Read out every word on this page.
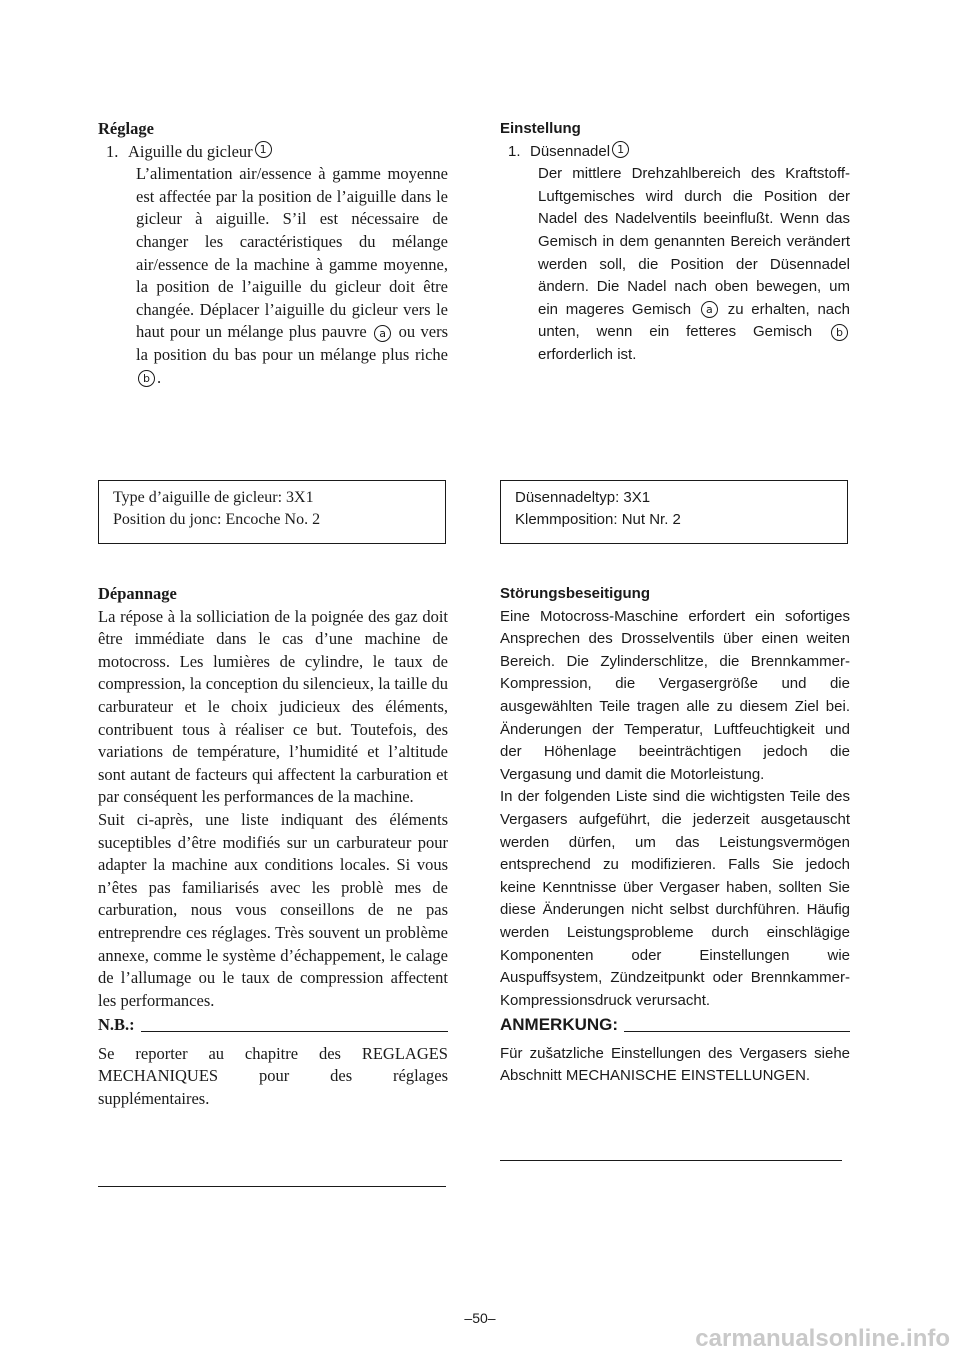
Réglage

1. Aiguille du gicleur 1
L’alimentation air/essence à gamme moyenne est affectée par la position de l’aiguille dans le gicleur à aiguille. S’il est nécessaire de changer les caractéristiques du mélange air/essence de la machine à gamme moyenne, la position de l’aiguille du gicleur doit être changée. Déplacer l’aiguille du gicleur vers le haut pour un mélange plus pauvre a ou vers la position du bas pour un mélange plus riche b .

Einstellung

1. Düsennadel 1
Der mittlere Drehzahlbereich des Kraftstoff-Luftgemisches wird durch die Position der Nadel des Nadelventils beeinflußt. Wenn das Gemisch in dem genannten Bereich verändert werden soll, die Position der Düsennadel ändern. Die Nadel nach oben bewegen, um ein mageres Gemisch a zu erhalten, nach unten, wenn ein fetteres Gemisch b erforderlich ist.
Type d’aiguille de gicleur: 3X1
Position du jonc: Encoche No. 2
Düsennadeltyp: 3X1
Klemmposition: Nut Nr. 2

Dépannage

La répose à la solliciation de la poignée des gaz doit être immédiate dans le cas d’une machine de motocross. Les lumières de cylindre, le taux de compression, la conception du silencieux, la taille du carburateur et le choix judicieux des éléments, contribuent tous à réaliser ce but. Toutefois, des variations de température, l’humidité et l’altitude sont autant de facteurs qui affectent la carburation et par conséquent les performances de la machine.

Suit ci-après, une liste indiquant des éléments suceptibles d’être modifiés sur un carburateur pour adapter la machine aux conditions locales. Si vous n’êtes pas familiarisés avec les problè mes de carburation, nous vous conseillons de ne pas entreprendre ces réglages. Très souvent un problème annexe, comme le système d’échappement, le calage de l’allumage ou le taux de compression affectent les performances.

N.B.:

Se reporter au chapitre des REGLAGES MECHANIQUES pour des réglages supplémentaires.

Störungsbeseitigung

Eine Motocross-Maschine erfordert ein sofortiges Ansprechen des Drosselventils über einen weiten Bereich. Die Zylinderschlitze, die Brennkammer-Kompression, die Vergasergröße und die ausgewählten Teile tragen alle zu diesem Ziel bei. Änderungen der Temperatur, Luftfeuchtigkeit und der Höhenlage beeinträchtigen jedoch die Vergasung und damit die Motorleistung.

In der folgenden Liste sind die wichtigsten Teile des Vergasers aufgeführt, die jederzeit ausgetauscht werden dürfen, um das Leistungsvermögen entsprechend zu modifizieren. Falls Sie jedoch keine Kenntnisse über Vergaser haben, sollten Sie diese Änderungen nicht selbst durchführen. Häufig werden Leistungsprobleme durch einschlägige Komponenten oder Einstellungen wie Auspuffsystem, Zündzeitpunkt oder Brennkammer-Kompressionsdruck verursacht.

ANMERKUNG:

Für zušatzliche Einstellungen des Vergasers siehe Abschnitt MECHANISCHE EINSTELLUNGEN.

–50–
carmanualsonline.info
